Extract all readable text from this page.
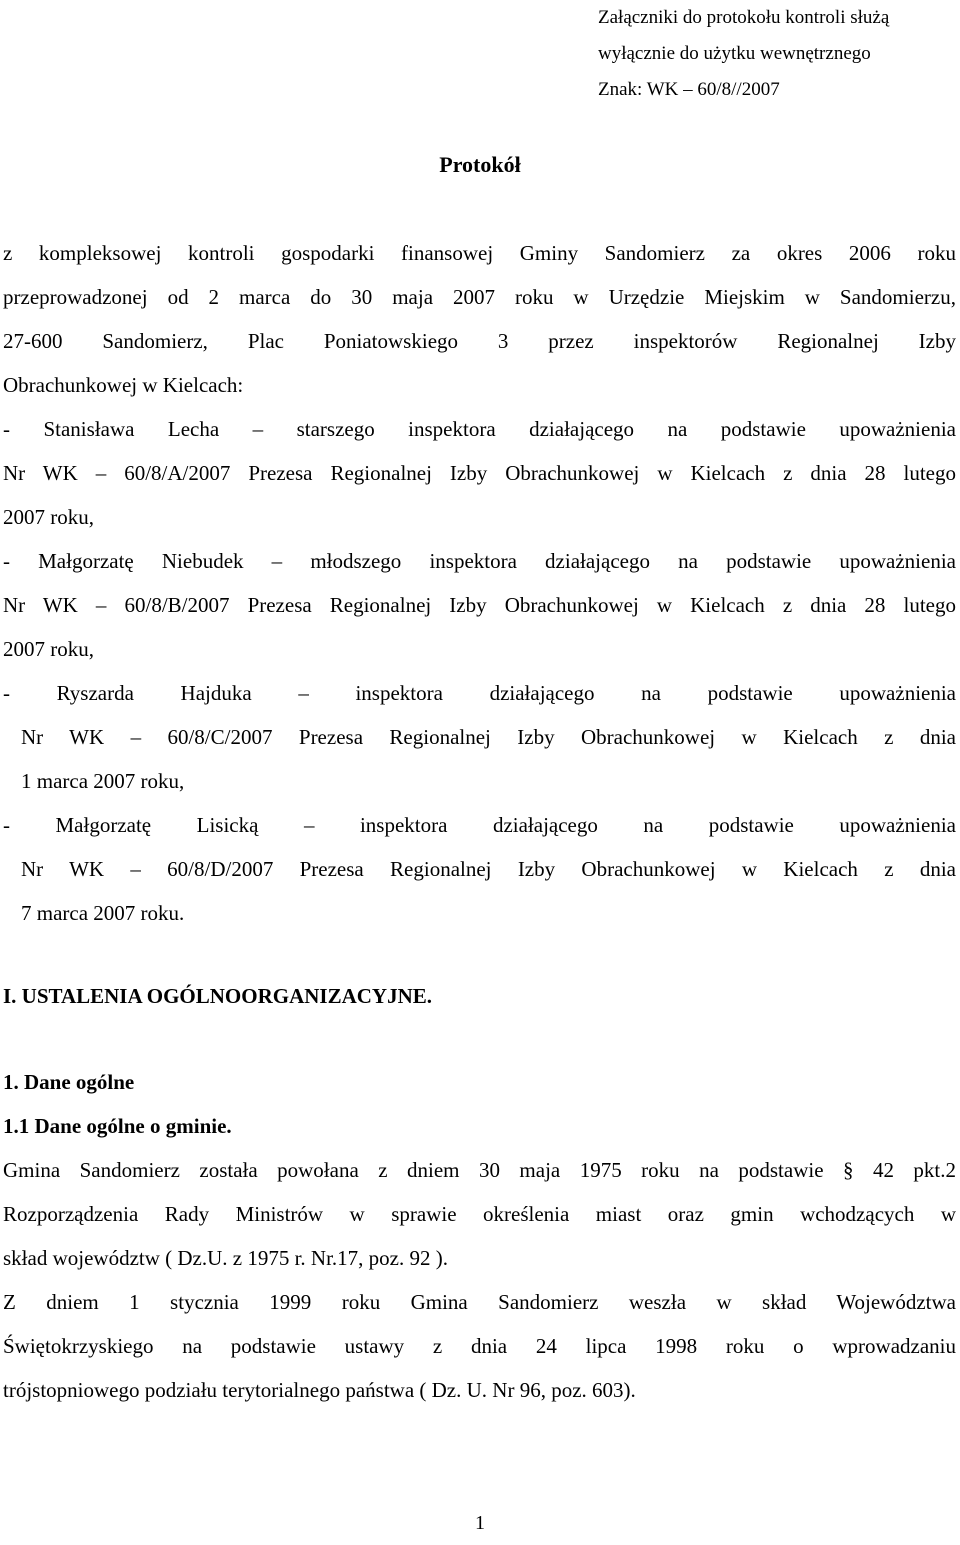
Załączniki do protokołu kontroli służą
wyłącznie do użytku wewnętrznego
Znak: WK – 60/8//2007
Protokół
z kompleksowej kontroli gospodarki finansowej Gminy Sandomierz za okres 2006 roku
przeprowadzonej od 2 marca do 30 maja 2007 roku w Urzędzie Miejskim w Sandomierzu,
27-600 Sandomierz, Plac Poniatowskiego 3 przez inspektorów Regionalnej Izby
Obrachunkowej w Kielcach:
- Stanisława Lecha – starszego inspektora działającego na podstawie upoważnienia
Nr WK – 60/8/A/2007 Prezesa Regionalnej Izby Obrachunkowej w Kielcach z dnia 28 lutego
2007 roku,
- Małgorzatę Niebudek – młodszego inspektora działającego na podstawie upoważnienia
Nr WK – 60/8/B/2007 Prezesa Regionalnej Izby Obrachunkowej w Kielcach z dnia 28 lutego
2007 roku,
- Ryszarda Hajduka – inspektora działającego na podstawie upoważnienia
Nr WK – 60/8/C/2007 Prezesa Regionalnej Izby Obrachunkowej w Kielcach z dnia
1 marca 2007 roku,
- Małgorzatę Lisicką – inspektora działającego na podstawie upoważnienia
Nr WK – 60/8/D/2007 Prezesa Regionalnej Izby Obrachunkowej w Kielcach z dnia
7 marca 2007 roku.
I. USTALENIA OGÓLNOORGANIZACYJNE.
1. Dane ogólne
1.1 Dane ogólne o gminie.
Gmina Sandomierz została powołana z dniem 30 maja 1975 roku na podstawie § 42 pkt.2
Rozporządzenia Rady Ministrów w sprawie określenia miast oraz gmin wchodzących w
skład województw ( Dz.U. z 1975 r. Nr.17, poz. 92 ).
Z dniem 1 stycznia 1999 roku Gmina Sandomierz weszła w skład Województwa
Świętokrzyskiego na podstawie ustawy z dnia 24 lipca 1998 roku o wprowadzaniu
trójstopniowego podziału terytorialnego państwa ( Dz. U. Nr 96, poz. 603).
1
